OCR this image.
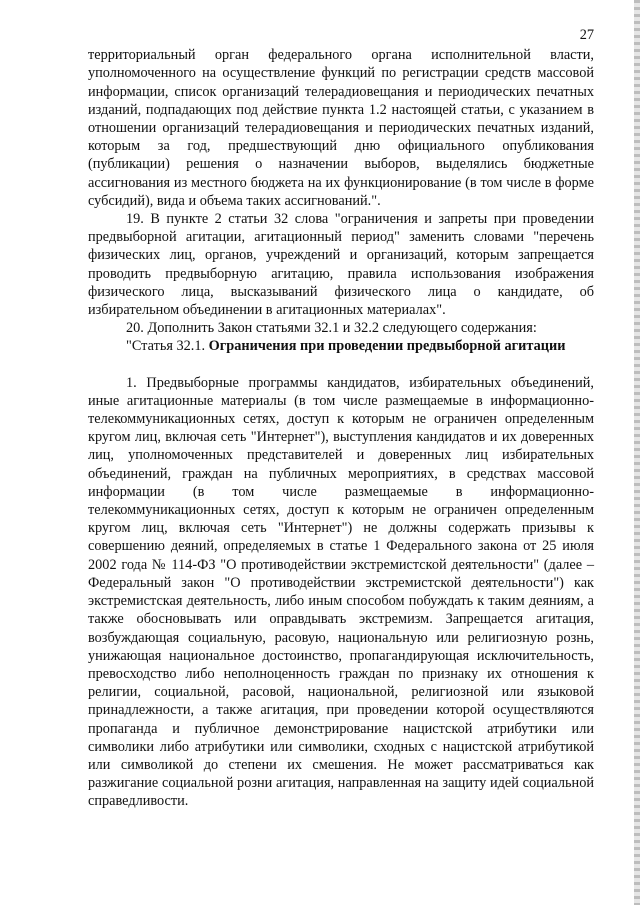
27

территориальный орган федерального органа исполнительной власти, уполномоченного на осуществление функций по регистрации средств массовой информации, список организаций телерадиовещания и периодических печатных изданий, подпадающих под действие пункта 1.2 настоящей статьи, с указанием в отношении организаций телерадиовещания и периодических печатных изданий, которым за год, предшествующий дню официального опубликования (публикации) решения о назначении выборов, выделялись бюджетные ассигнования из местного бюджета на их функционирование (в том числе в форме субсидий), вида и объема таких ассигнований.".

19. В пункте 2 статьи 32 слова "ограничения и запреты при проведении предвыборной агитации, агитационный период" заменить словами "перечень физических лиц, органов, учреждений и организаций, которым запрещается проводить предвыборную агитацию, правила использования изображения физического лица, высказываний физического лица о кандидате, об избирательном объединении в агитационных материалах".

20. Дополнить Закон статьями 32.1 и 32.2 следующего содержания:

"Статья 32.1. Ограничения при проведении предвыборной агитации

1. Предвыборные программы кандидатов, избирательных объединений, иные агитационные материалы (в том числе размещаемые в информационно-телекоммуникационных сетях, доступ к которым не ограничен определенным кругом лиц, включая сеть "Интернет"), выступления кандидатов и их доверенных лиц, уполномоченных представителей и доверенных лиц избирательных объединений, граждан на публичных мероприятиях, в средствах массовой информации (в том числе размещаемые в информационно-телекоммуникационных сетях, доступ к которым не ограничен определенным кругом лиц, включая сеть "Интернет") не должны содержать призывы к совершению деяний, определяемых в статье 1 Федерального закона от 25 июля 2002 года № 114-ФЗ "О противодействии экстремистской деятельности" (далее – Федеральный закон "О противодействии экстремистской деятельности") как экстремистская деятельность, либо иным способом побуждать к таким деяниям, а также обосновывать или оправдывать экстремизм. Запрещается агитация, возбуждающая социальную, расовую, национальную или религиозную рознь, унижающая национальное достоинство, пропагандирующая исключительность, превосходство либо неполноценность граждан по признаку их отношения к религии, социальной, расовой, национальной, религиозной или языковой принадлежности, а также агитация, при проведении которой осуществляются пропаганда и публичное демонстрирование нацистской атрибутики или символики либо атрибутики или символики, сходных с нацистской атрибутикой или символикой до степени их смешения. Не может рассматриваться как разжигание социальной розни агитация, направленная на защиту идей социальной справедливости.
